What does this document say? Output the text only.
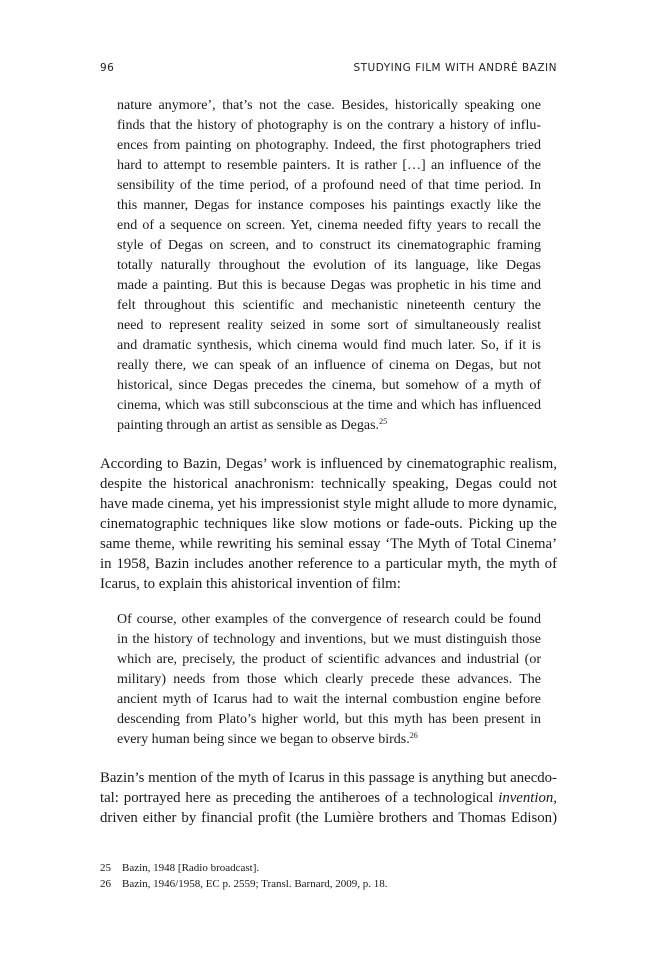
96	STUDYING FILM WITH ANDRÉ BAZIN
nature anymore’, that’s not the case. Besides, historically speaking one
finds that the history of photography is on the contrary a history of influ-
ences from painting on photography. Indeed, the first photographers tried
hard to attempt to resemble painters. It is rather […] an influence of the
sensibility of the time period, of a profound need of that time period. In
this manner, Degas for instance composes his paintings exactly like the
end of a sequence on screen. Yet, cinema needed fifty years to recall the
style of Degas on screen, and to construct its cinematographic framing
totally naturally throughout the evolution of its language, like Degas
made a painting. But this is because Degas was prophetic in his time and
felt throughout this scientific and mechanistic nineteenth century the
need to represent reality seized in some sort of simultaneously realist
and dramatic synthesis, which cinema would find much later. So, if it is
really there, we can speak of an influence of cinema on Degas, but not
historical, since Degas precedes the cinema, but somehow of a myth of
cinema, which was still subconscious at the time and which has influenced
painting through an artist as sensible as Degas.$^{25}$
According to Bazin, Degas’ work is influenced by cinematographic realism,
despite the historical anachronism: technically speaking, Degas could not
have made cinema, yet his impressionist style might allude to more dynamic,
cinematographic techniques like slow motions or fade-outs. Picking up the
same theme, while rewriting his seminal essay ‘The Myth of Total Cinema’
in 1958, Bazin includes another reference to a particular myth, the myth of
Icarus, to explain this ahistorical invention of film:
Of course, other examples of the convergence of research could be found
in the history of technology and inventions, but we must distinguish those
which are, precisely, the product of scientific advances and industrial (or
military) needs from those which clearly precede these advances. The
ancient myth of Icarus had to wait the internal combustion engine before
descending from Plato’s higher world, but this myth has been present in
every human being since we began to observe birds.$^{26}$
Bazin’s mention of the myth of Icarus in this passage is anything but anecdo-
tal: portrayed here as preceding the antiheroes of a technological invention,
driven either by financial profit (the Lumière brothers and Thomas Edison)
25	Bazin, 1948 [Radio broadcast].
26	Bazin, 1946/1958, EC p. 2559; Transl. Barnard, 2009, p. 18.
